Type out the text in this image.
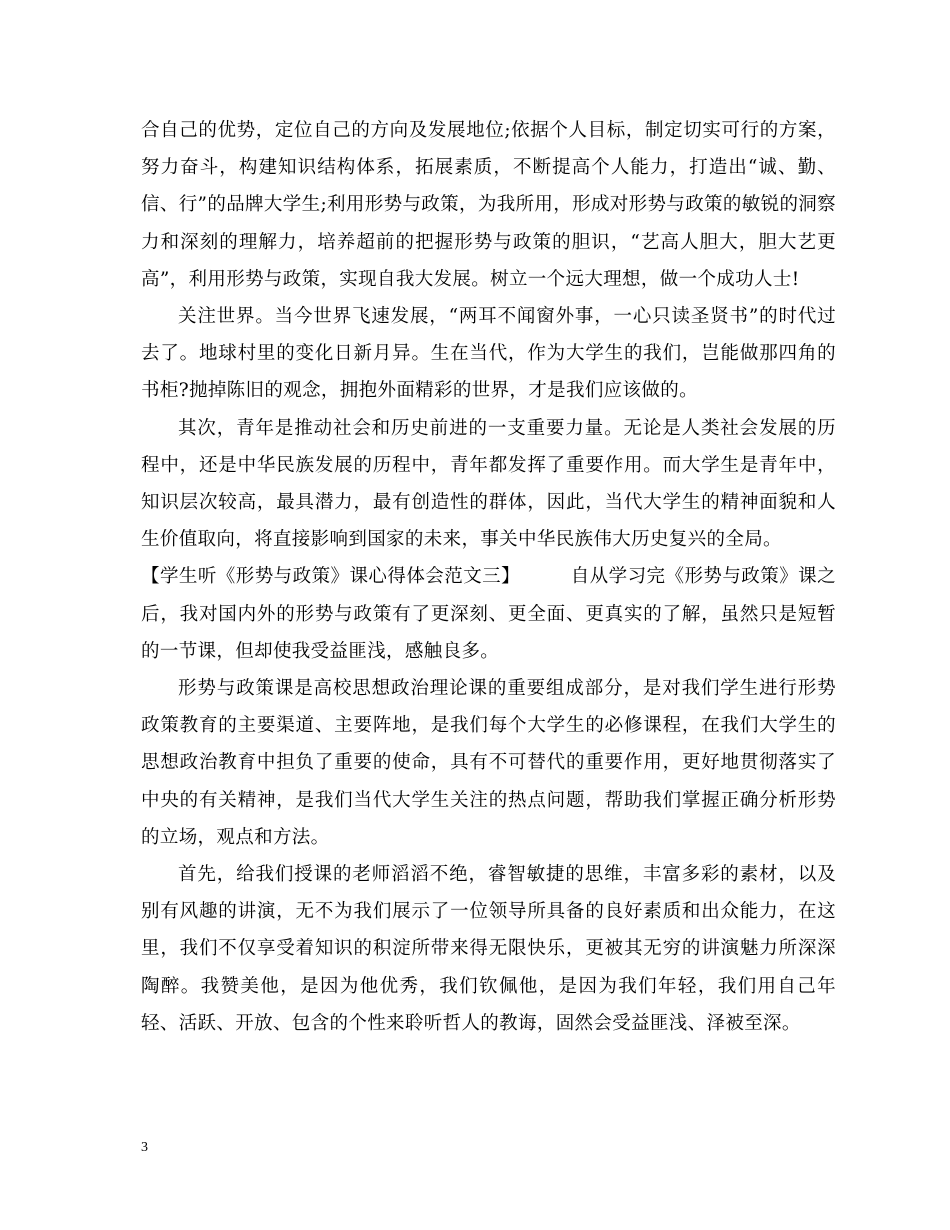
合自己的优势，定位自己的方向及发展地位;依据个人目标，制定切实可行的方案，努力奋斗，构建知识结构体系，拓展素质，不断提高个人能力，打造出“诚、勤、信、行”的品牌大学生;利用形势与政策，为我所用，形成对形势与政策的敏锐的洞察力和深刻的理解力，培养超前的把握形势与政策的胆识，“艺高人胆大，胆大艺更高”，利用形势与政策，实现自我大发展。树立一个远大理想，做一个成功人士!

关注世界。当今世界飞速发展，“两耳不闻窗外事，一心只读圣贤书”的时代过去了。地球村里的变化日新月异。生在当代，作为大学生的我们，岂能做那四角的书柜?抛掉陈旧的观念，拥抱外面精彩的世界，才是我们应该做的。

其次，青年是推动社会和历史前进的一支重要力量。无论是人类社会发展的历程中，还是中华民族发展的历程中，青年都发挥了重要作用。而大学生是青年中，知识层次较高，最具潜力，最有创造性的群体，因此，当代大学生的精神面貌和人生价值取向，将直接影响到国家的未来，事关中华民族伟大历史复兴的全局。

【学生听《形势与政策》课心得体会范文三】	自从学习完《形势与政策》课之后，我对国内外的形势与政策有了更深刻、更全面、更真实的了解，虽然只是短暂的一节课，但却使我受益匪浅，感触良多。

形势与政策课是高校思想政治理论课的重要组成部分，是对我们学生进行形势政策教育的主要渠道、主要阵地，是我们每个大学生的必修课程，在我们大学生的思想政治教育中担负了重要的使命，具有不可替代的重要作用，更好地贯彻落实了中央的有关精神，是我们当代大学生关注的热点问题，帮助我们掌握正确分析形势的立场，观点和方法。

首先，给我们授课的老师滔滔不绝，睿智敏捷的思维，丰富多彩的素材，以及别有风趣的讲演，无不为我们展示了一位领导所具备的良好素质和出众能力，在这里，我们不仅享受着知识的积淀所带来得无限快乐，更被其无穷的讲演魅力所深深陶醉。我赞美他，是因为他优秀，我们钦佩他，是因为我们年轻，我们用自己年轻、活跃、开放、包含的个性来聆听哲人的教诲，固然会受益匪浅、泽被至深。

3
